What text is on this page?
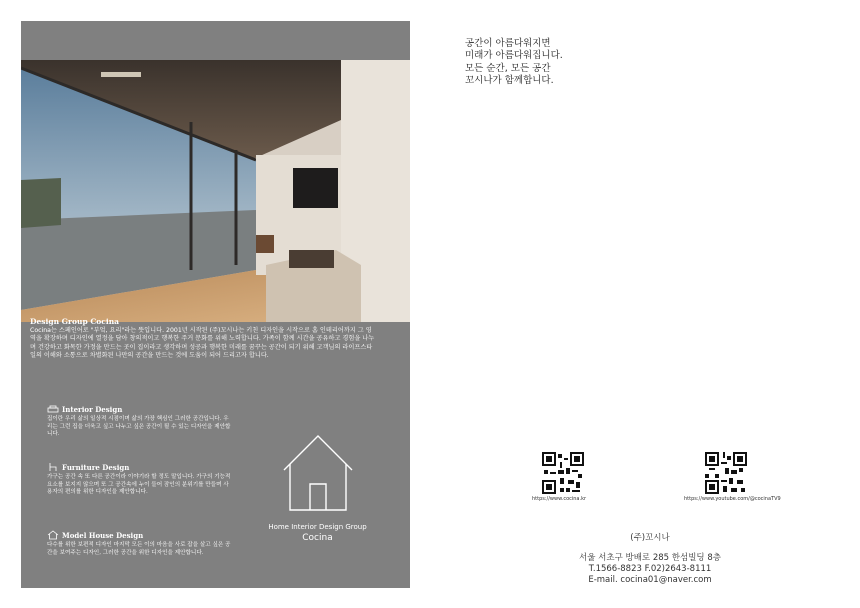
Design Group Cocina
Cocina는 스페인어로 "부엌, 요리"라는 뜻입니다. 2001년 시작된 (주)꼬시나는 키친 디자인을 시작으로 홈 인테리어까지 그 영역을 확장하며 디자인에 열정을 담아 창의적이고 행복한 주거 문화를 위해 노력합니다. 가족이 함께 시간을 공유하고 경험을 나누며 건강하고 화목한 가정을 만드는 곳이 집이라고 생각하며 성공과 행복한 미래를 꿈꾸는 공간이 되기 위해 고객님의 라이프스타일의 이해와 소통으로 차별화된 나만의 공간을 만드는 것에 도움이 되어 드리고자 합니다.
Interior Design
집이란 우리 삶의 일상적 시점이며 삶의 가장 핵심인 그러한 공간입니다. 우리는 그런 집을 더욱고 싶고 나누고 싶은 공간이 될 수 있는 디자인을 제안합니다.
Furniture Design
가구는 공간 속 또 다른 공간이라 이야기라 할 정도 말입니다. 가구의 기능적 요소를 보지지 않으며 또 그 공간속에 누이 들어 잠인의 분위기를 만들며 사용자의 편의를 위한 디자인을 제안합니다.
Model House Design
다수를 위한 보편적 디자인 마지막 모든 이의 마음을 사로 잡을 살고 싶은 공간을 보여주는 디자인, 그러한 공간을 위한 디자인을 제안합니다.
Home Interior Design Group
Cocina
공간이 아름다워지면
미래가 아름다워집니다.
모든 순간, 모든 공간
꼬시나가 함께합니다.
https://www.cocina.kr	https://www.youtube.com/@cocinaTV9
(주)꼬시나
서울 서초구 방배로 285 한섬빌딩 8층
T.1566-8823 F.02)2643-8111
E-mail. cocina01@naver.com
